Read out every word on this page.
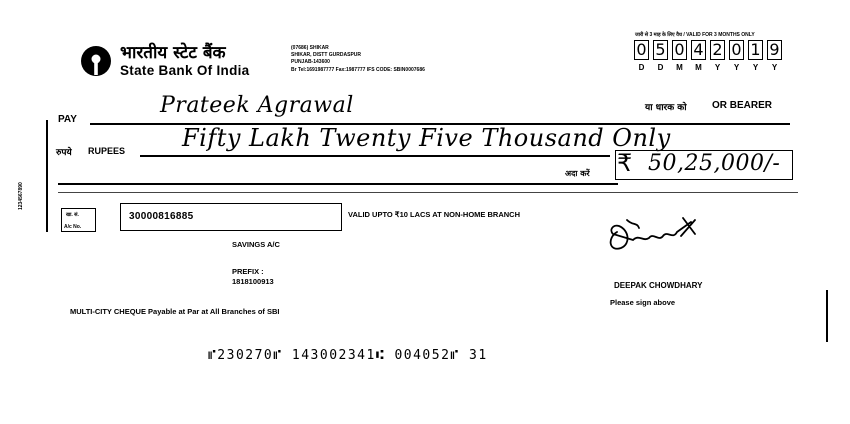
भारतीय स्टेट बैंक
State Bank Of India
(07686) SHIKAR
SHIKAR, DISTT GURDASPUR
PUNJAB-143600
Br Tel:1691987777 Fax:1987777 IFS CODE: SBIN0007686
जारी से 3 माह के लिए वैध / VALID FOR 3 MONTHS ONLY
0 5 0 4 2 0 1 9
D	D	M	M	Y	Y	Y	Y
1234567890
PAY
Prateek Agrawal	या धारक को	OR BEARER
रुपये RUPEES Fifty Lakh Twenty Five Thousand Only
अदा करें ₹ 50,25,000/-
खा. सं.
A/c No.
30000816885	VALID UPTO ₹10 LACS AT NON-HOME BRANCH
SAVINGS A/C
PREFIX :
1818100913	DEEPAK CHOWDHARY
Please sign above
MULTI-CITY CHEQUE Payable at Par at All Branches of SBI
⑈230270⑈ 143002341⑆ 004052⑈ 31
